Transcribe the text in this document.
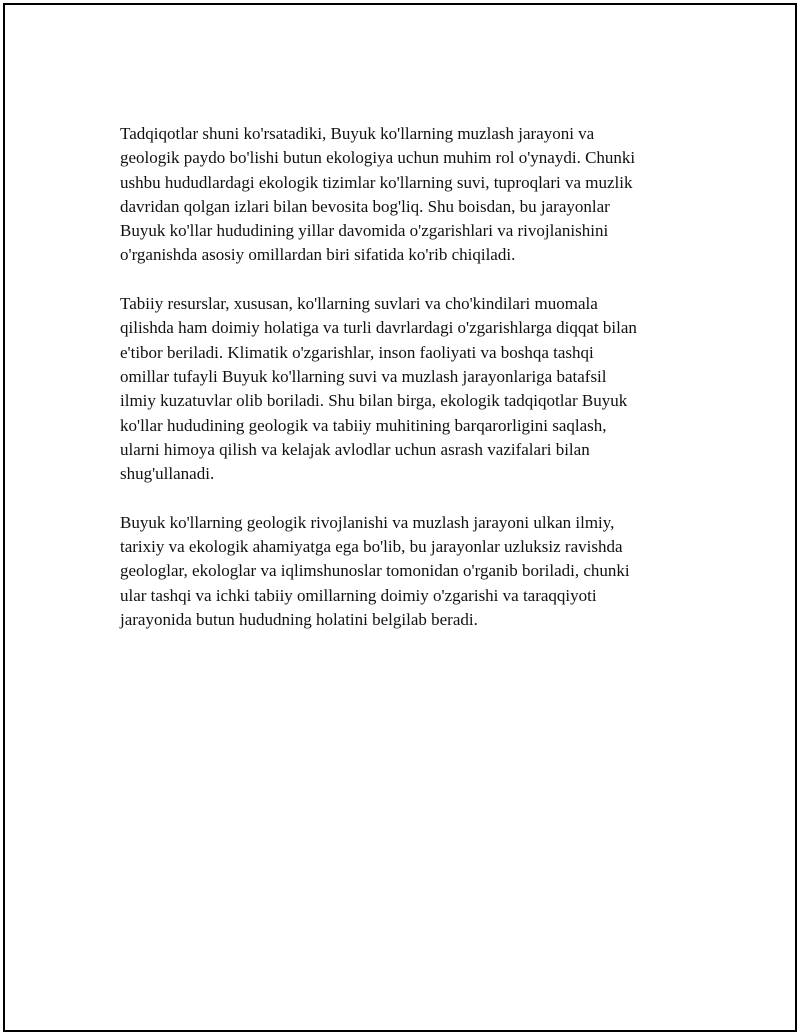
Tadqiqotlar shuni ko'rsatadiki, Buyuk ko'llarning muzlash jarayoni va
geologik paydo bo'lishi butun ekologiya uchun muhim rol o'ynaydi. Chunki
ushbu hududlardagi ekologik tizimlar ko'llarning suvi, tuproqlari va muzlik
davridan qolgan izlari bilan bevosita bog'liq. Shu boisdan, bu jarayonlar
Buyuk ko'llar hududining yillar davomida o'zgarishlari va rivojlanishini
o'rganishda asosiy omillardan biri sifatida ko'rib chiqiladi.

Tabiiy resurslar, xususan, ko'llarning suvlari va cho'kindilari muomala
qilishda ham doimiy holatiga va turli davrlardagi o'zgarishlarga diqqat bilan
e'tibor beriladi. Klimatik o'zgarishlar, inson faoliyati va boshqa tashqi
omillar tufayli Buyuk ko'llarning suvi va muzlash jarayonlariga batafsil
ilmiy kuzatuvlar olib boriladi. Shu bilan birga, ekologik tadqiqotlar Buyuk
ko'llar hududining geologik va tabiiy muhitining barqarorligini saqlash,
ularni himoya qilish va kelajak avlodlar uchun asrash vazifalari bilan
shug'ullanadi.

Buyuk ko'llarning geologik rivojlanishi va muzlash jarayoni ulkan ilmiy,
tarixiy va ekologik ahamiyatga ega bo'lib, bu jarayonlar uzluksiz ravishda
geologlar, ekologlar va iqlimshunoslar tomonidan o'rganib boriladi, chunki
ular tashqi va ichki tabiiy omillarning doimiy o'zgarishi va taraqqiyoti
jarayonida butun hududning holatini belgilab beradi.
